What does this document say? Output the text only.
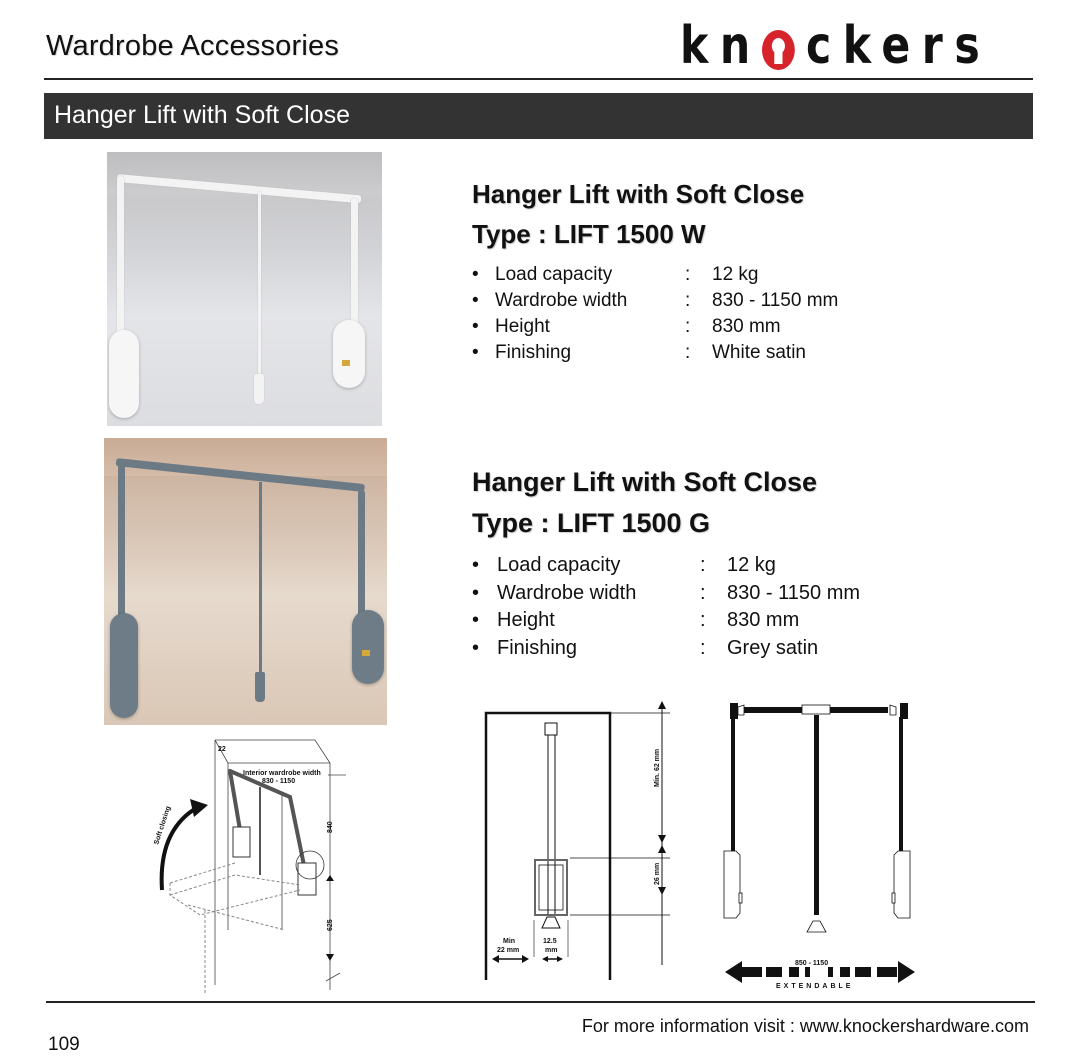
Wardrobe Accessories	kn ckers
Hanger Lift with Soft Close
Hanger Lift with Soft Close
Type : LIFT 1500 W
• Load capacity	:	12 kg
• Wardrobe width	:	830 - 1150 mm
• Height	:	830 mm
• Finishing	:	White satin
Hanger Lift with Soft Close
Type : LIFT 1500 G
• Load capacity	:	12 kg
• Wardrobe width	:	830 - 1150 mm
• Height	:	830 mm
• Finishing	:	Grey satin
Soft closing
22
Interior wardrobe width
830 - 1150
840
625
Min. 62 mm
26 mm
Min
22 mm
12.5
mm
850 - 1150
EXTENDABLE
For more information visit : www.knockershardware.com
109
